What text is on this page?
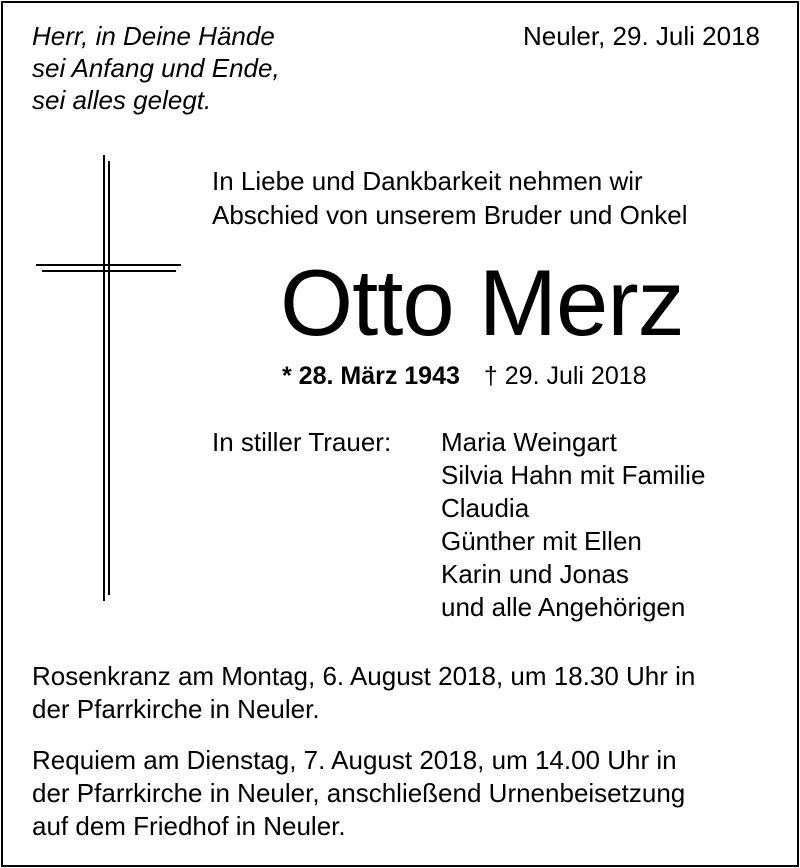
Herr, in Deine Hände
sei Anfang und Ende,
sei alles gelegt.
Neuler, 29. Juli 2018
In Liebe und Dankbarkeit nehmen wir
Abschied von unserem Bruder und Onkel
Otto Merz
* 28. März 1943 † 29. Juli 2018
In stiller Trauer: Maria Weingart
Silvia Hahn mit Familie
Claudia
Günther mit Ellen
Karin und Jonas
und alle Angehörigen
Rosenkranz am Montag, 6. August 2018, um 18.30 Uhr in
der Pfarrkirche in Neuler.
Requiem am Dienstag, 7. August 2018, um 14.00 Uhr in
der Pfarrkirche in Neuler, anschließend Urnenbeisetzung
auf dem Friedhof in Neuler.
